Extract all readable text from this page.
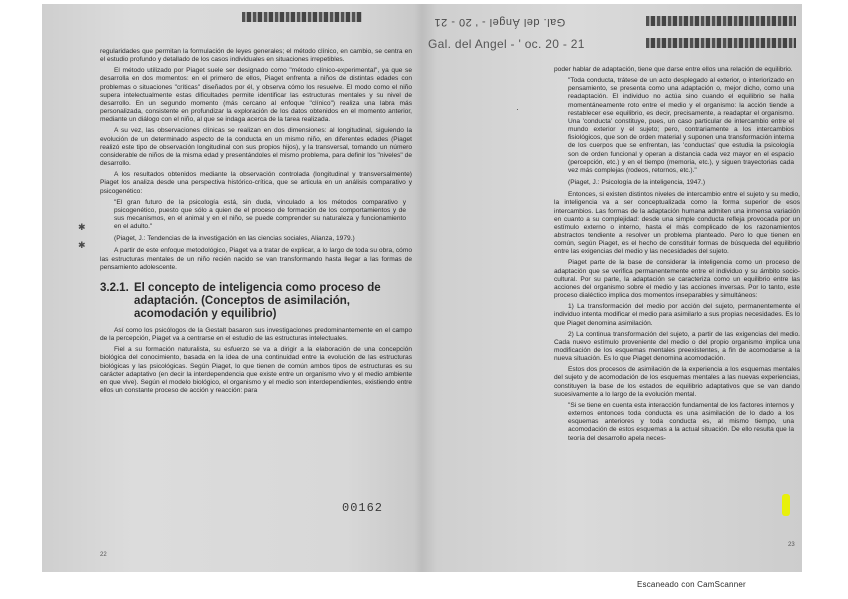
regularidades que permitan la formulación de leyes generales; el método clínico, en cambio, se centra en el estudio profundo y detallado de los casos individuales en situaciones irrepetibles.

El método utilizado por Piaget suele ser designado como "método clínico-experimental", ya que se desarrolla en dos momentos: en el primero de ellos, Piaget enfrenta a niños de distintas edades con problemas o situaciones "críticas" diseñados por él, y observa cómo los resuelve. El modo como el niño supera intelectualmente estas dificultades permite identificar las estructuras mentales y su nivel de desarrollo. En un segundo momento (más cercano al enfoque "clínico") realiza una labra más personalizada, consistente en profundizar la exploración de los datos obtenidos en el momento anterior, mediante un diálogo con el niño, al que se indaga acerca de la tarea realizada.

A su vez, las observaciones clínicas se realizan en dos dimensiones: al longitudinal, siguiendo la evolución de un determinado aspecto de la conducta en un mismo niño, en diferentes edades (Piaget realizó este tipo de observación longitudinal con sus propios hijos), y la transversal, tomando un número considerable de niños de la misma edad y presentándoles el mismo problema, para definir los "niveles" de desarrollo.

A los resultados obtenidos mediante la observación controlada (longitudinal y transversalmente) Piaget los analiza desde una perspectiva histórico-crítica, que se articula en un análisis comparativo y psicogenético:

"El gran futuro de la psicología está, sin duda, vinculado a los métodos comparativo y psicogenético, puesto que sólo a quien de el proceso de formación de los comportamientos y de sus mecanismos, en el animal y en el niño, se puede comprender su naturaleza y funcionamiento en el adulto."

(Piaget, J.: Tendencias de la investigación en las ciencias sociales, Alianza, 1979.)

A partir de este enfoque metodológico, Piaget va a tratar de explicar, a lo largo de toda su obra, cómo las estructuras mentales de un niño recién nacido se van transformando hasta llegar a las formas de pensamiento adolescente.

3.2.1. El concepto de inteligencia como proceso de adaptación. (Conceptos de asimilación, acomodación y equilibrio)

Así como los psicólogos de la Gestalt basaron sus investigaciones predominantemente en el campo de la percepción, Piaget va a centrarse en el estudio de las estructuras intelectuales.

Fiel a su formación naturalista, su esfuerzo se va a dirigir a la elaboración de una concepción biológica del conocimiento, basada en la idea de una continuidad entre la evolución de las estructuras biológicas y las psicológicas. Según Piaget, lo que tienen de común ambos tipos de estructuras es su carácter adaptativo (en decir la interdependencia que existe entre un organismo vivo y el medio ambiente en que vive). Según el modelo biológico, el organismo y el medio son interdependientes, existiendo entre ellos un constante proceso de acción y reacción: para

✱
✱
22
Gal. del Ángel - ' 20 - 21
Gal. del Angel - ' oc. 20 - 21

poder hablar de adaptación, tiene que darse entre ellos una relación de equilibrio.

"Toda conducta, trátese de un acto desplegado al exterior, o interiorizado en pensamiento, se presenta como una adaptación o, mejor dicho, como una readaptación. El individuo no actúa sino cuando el equilibrio se halla momentáneamente roto entre el medio y el organismo: la acción tiende a restablecer ese equilibrio, es decir, precisamente, a readaptar el organismo. Una 'conducta' constituye, pues, un caso particular de intercambio entre el mundo exterior y el sujeto; pero, contrariamente a los intercambios fisiológicos, que son de orden material y suponen una transformación interna de los cuerpos que se enfrentan, las 'conductas' que estudia la psicología son de orden funcional y operan a distancia cada vez mayor en el espacio (percepción, etc.) y en el tiempo (memoria, etc.), y siguen trayectorias cada vez más complejas (rodeos, retornos, etc.)."

(Piaget, J.: Psicología de la inteligencia, 1947.)

Entonces, si existen distintos niveles de intercambio entre el sujeto y su medio, la inteligencia va a ser conceptualizada como la forma superior de esos intercambios. Las formas de la adaptación humana admiten una inmensa variación en cuanto a su complejidad: desde una simple conducta refleja provocada por un estímulo externo o interno, hasta el más complicado de los razonamientos abstractos tendiente a resolver un problema planteado. Pero lo que tienen en común, según Piaget, es el hecho de constituir formas de búsqueda del equilibrio entre las exigencias del medio y las necesidades del sujeto.

Piaget parte de la base de considerar la inteligencia como un proceso de adaptación que se verifica permanentemente entre el individuo y su ámbito socio-cultural. Por su parte, la adaptación se caracteriza como un equilibrio entre las acciones del organismo sobre el medio y las acciones inversas. Por lo tanto, este proceso dialéctico implica dos momentos inseparables y simultáneos:

1) La transformación del medio por acción del sujeto, permanentemente el individuo intenta modificar el medio para asimilarlo a sus propias necesidades. Es lo que Piaget denomina asimilación.

2) La continua transformación del sujeto, a partir de las exigencias del medio. Cada nuevo estímulo proveniente del medio o del propio organismo implica una modificación de los esquemas mentales preexistentes, a fin de acomodarse a la nueva situación. Es lo que Piaget denomina acomodación.

Estos dos procesos de asimilación de la experiencia a los esquemas mentales del sujeto y de acomodación de los esquemas mentales a las nuevas experiencias, constituyen la base de los estados de equilibrio adaptativos que se van dando sucesivamente a lo largo de la evolución mental.

"Si se tiene en cuenta esta interacción fundamental de los factores internos y externos entonces toda conducta es una asimilación de lo dado a los esquemas anteriores y toda conducta es, al mismo tiempo, una acomodación de estos esquemas a la actual situación. De ello resulta que la teoría del desarrollo apela neces-

·
23
00162
Escaneado con CamScanner
